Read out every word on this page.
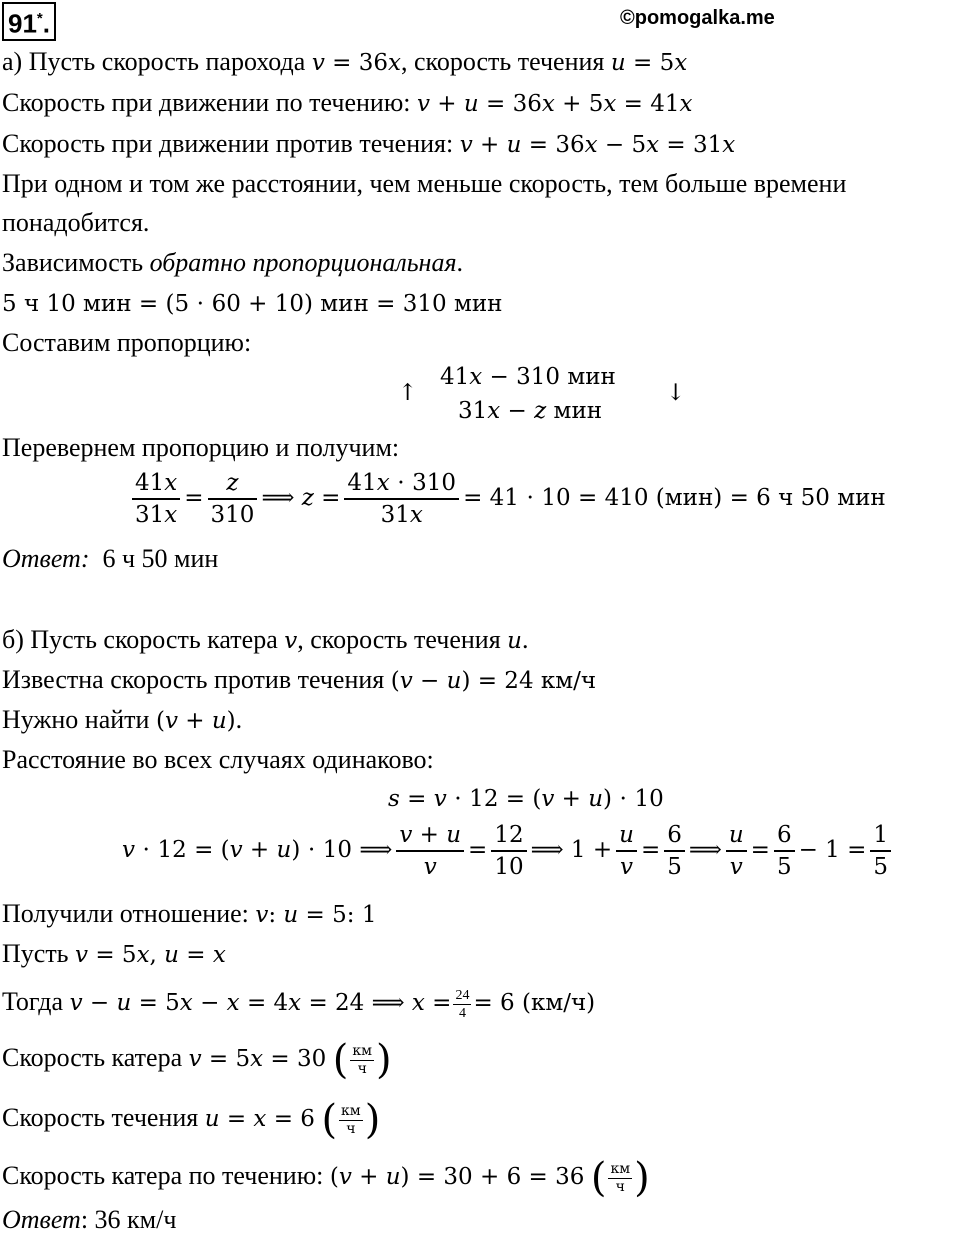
91*.	©pomogalka.me
а) Пусть скорость парохода 𝑣 = 36𝑥, скорость течения 𝑢 = 5𝑥
Скорость при движении по течению: 𝑣 + 𝑢 = 36𝑥 + 5𝑥 = 41𝑥
Скорость при движении против течения: 𝑣 + 𝑢 = 36𝑥 − 5𝑥 = 31𝑥
При одном и том же расстоянии, чем меньше скорость, тем больше времени
понадобится.
Зависимость обратно пропорциональная.
5 ч 10 мин = (5 ⋅ 60 + 10) мин = 310 мин
Составим пропорцию:
↑
41𝑥 − 310 мин
31𝑥 − 𝑧 мин
↓
Перевернем пропорцию и получим:
$\frac{\text{41𝑥}}{\text{31𝑥}} = \frac{\text{𝑧}}{310}$ ⟹ 𝑧 = $\frac{\text{41𝑥 ⋅ 310}}{\text{31𝑥}} = 41 \cdot 10 = 410$ (мин) = 6 ч 50 мин
Ответ: 6 ч 50 мин
б) Пусть скорость катера 𝑣, скорость течения 𝑢.
Известна скорость против течения (𝑣 − 𝑢) = 24 км/ч
Нужно найти (𝑣 + 𝑢).
Расстояние во всех случаях одинаково:
𝑠 = 𝑣 ⋅ 12 = (𝑣 + 𝑢) ⋅ 10
𝑣 ⋅ 12 = (𝑣 + 𝑢) ⋅ 10 ⟹ $\frac{\text{𝑣 + 𝑢}}{\text{𝑣}} = \frac{12}{10}$ ⟹ $1 + \frac{\text{𝑢}}{\text{𝑣}} = \frac{6}{5}$ ⟹ $\frac{\text{𝑢}}{\text{𝑣}} = \frac{6}{5} - 1 = \frac{1}{5}$
Получили отношение: 𝑣: 𝑢 = 5: 1
Пусть 𝑣 = 5𝑥, 𝑢 = 𝑥
Тогда 𝑣 − 𝑢 = 5𝑥 − 𝑥 = 4𝑥 = 24 ⟹ 𝑥 = $\frac{24}{4} = 6$ (км/ч)
Скорость катера 𝑣 = 5𝑥 = 30 ( км
ч )
Скорость течения 𝑢 = 𝑥 = 6 ( км
ч )
Скорость катера по течению: (𝑣 + 𝑢) = 30 + 6 = 36 ( км
ч )
Ответ: 36 км/ч
